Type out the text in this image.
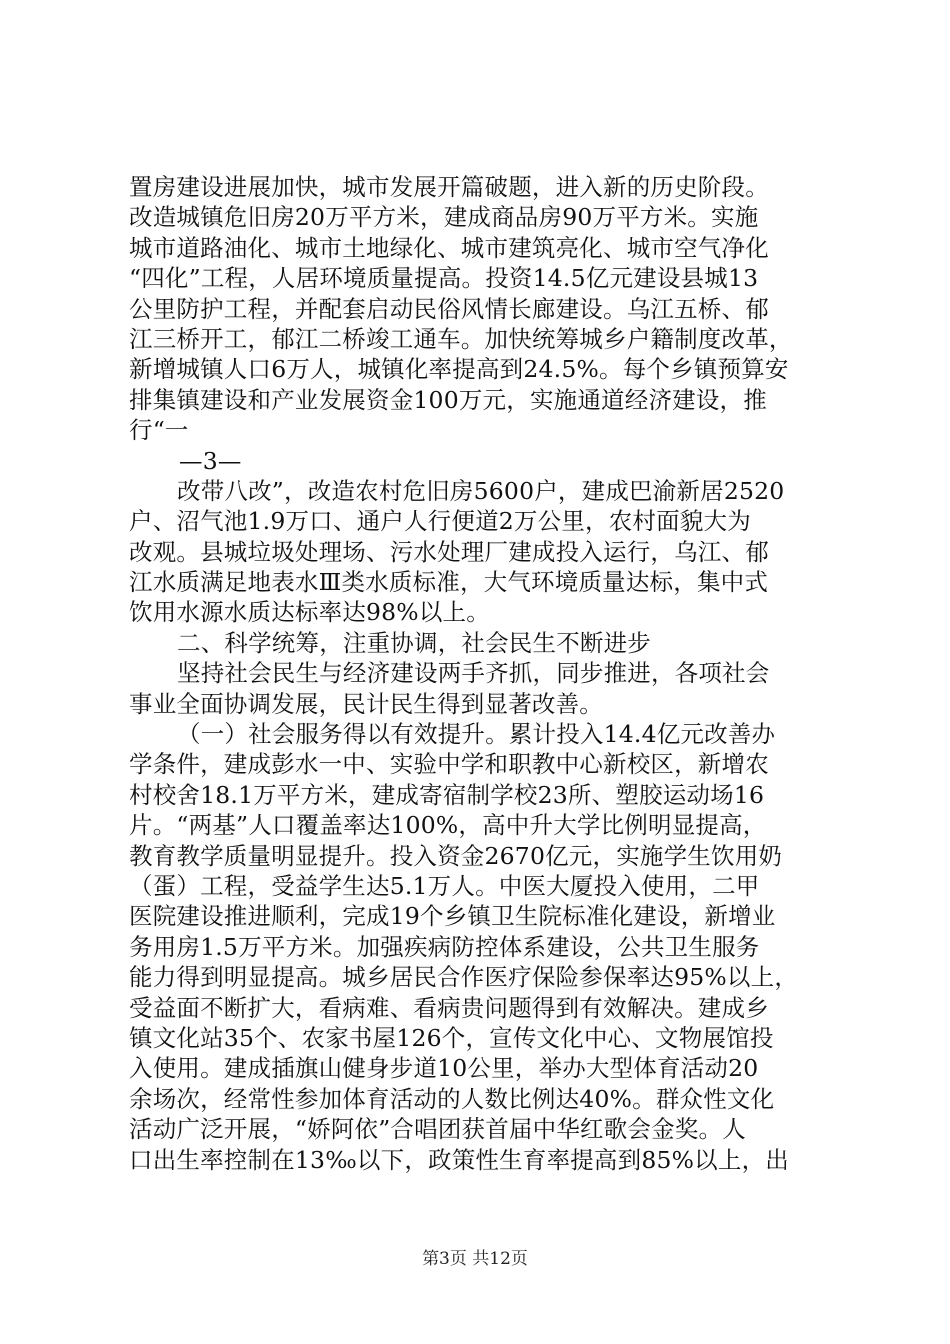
置房建设进展加快，城市发展开篇破题，进入新的历史阶段。
改造城镇危旧房20万平方米，建成商品房90万平方米。实施
城市道路油化、城市土地绿化、城市建筑亮化、城市空气净化
“四化”工程，人居环境质量提高。投资14.5亿元建设县城13
公里防护工程，并配套启动民俗风情长廊建设。乌江五桥、郁
江三桥开工，郁江二桥竣工通车。加快统筹城乡户籍制度改革，
新增城镇人口6万人，城镇化率提高到24.5%。每个乡镇预算安
排集镇建设和产业发展资金100万元，实施通道经济建设，推
行“一
—3—
改带八改”，改造农村危旧房5600户，建成巴渝新居2520
户、沼气池1.9万口、通户人行便道2万公里，农村面貌大为
改观。县城垃圾处理场、污水处理厂建成投入运行，乌江、郁
江水质满足地表水Ⅲ类水质标准，大气环境质量达标，集中式
饮用水源水质达标率达98%以上。
二、科学统筹，注重协调，社会民生不断进步
坚持社会民生与经济建设两手齐抓，同步推进，各项社会
事业全面协调发展，民计民生得到显著改善。
（一）社会服务得以有效提升。累计投入14.4亿元改善办
学条件，建成彭水一中、实验中学和职教中心新校区，新增农
村校舍18.1万平方米，建成寄宿制学校23所、塑胶运动场16
片。“两基”人口覆盖率达100%，高中升大学比例明显提高，
教育教学质量明显提升。投入资金2670亿元，实施学生饮用奶
（蛋）工程，受益学生达5.1万人。中医大厦投入使用，二甲
医院建设推进顺利，完成19个乡镇卫生院标准化建设，新增业
务用房1.5万平方米。加强疾病防控体系建设，公共卫生服务
能力得到明显提高。城乡居民合作医疗保险参保率达95%以上，
受益面不断扩大，看病难、看病贵问题得到有效解决。建成乡
镇文化站35个、农家书屋126个，宣传文化中心、文物展馆投
入使用。建成插旗山健身步道10公里，举办大型体育活动20
余场次，经常性参加体育活动的人数比例达40%。群众性文化
活动广泛开展，“娇阿依”合唱团获首届中华红歌会金奖。人
口出生率控制在13‰以下，政策性生育率提高到85%以上，出
第3页 共12页
